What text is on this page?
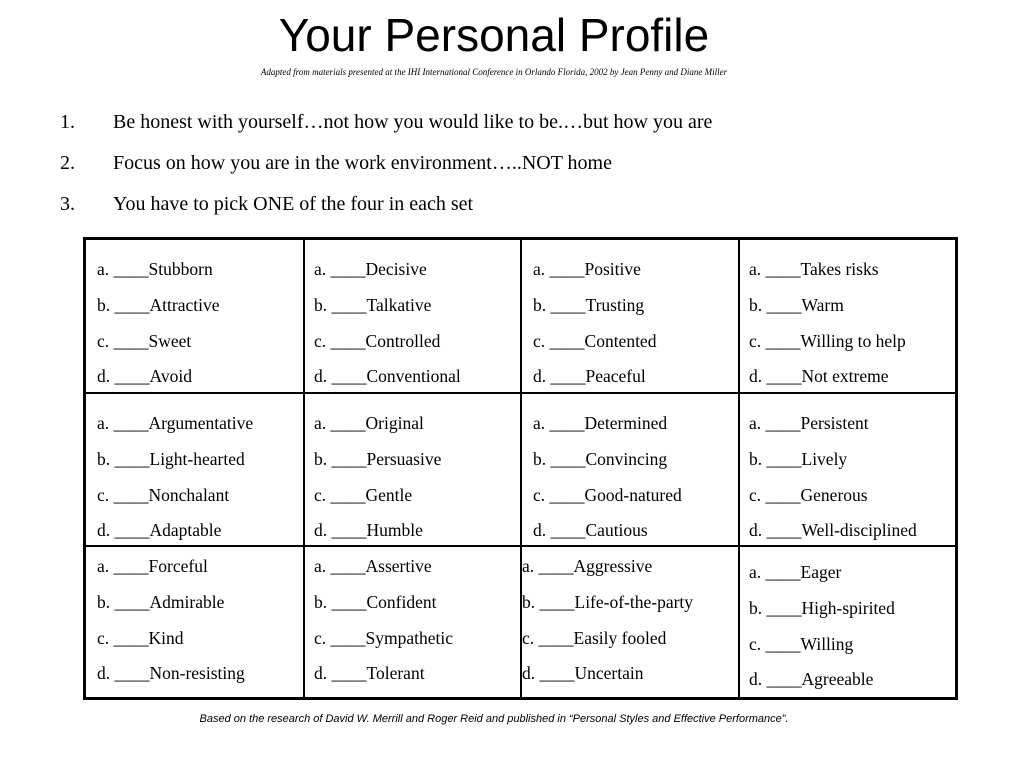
Your Personal Profile

Adapted from materials presented at the IHI International Conference in Orlando Florida, 2002 by Jean Penny and Diane Miller

1. Be honest with yourself…not how you would like to be.…but how you are
2. Focus on how you are in the work environment…..NOT home
3. You have to pick ONE of the four in each set
a. ____Stubborn
b. ____Attractive
c. ____Sweet
d. ____Avoid
a. ____Decisive
b. ____Talkative
c. ____Controlled
d. ____Conventional
a. ____Positive
b. ____Trusting
c. ____Contented
d. ____Peaceful
a. ____Takes risks
b. ____Warm
c. ____Willing to help
d. ____Not extreme
a. ____Argumentative
b. ____Light-hearted
c. ____Nonchalant
d. ____Adaptable
a. ____Original
b. ____Persuasive
c. ____Gentle
d. ____Humble
a. ____Determined
b. ____Convincing
c. ____Good-natured
d. ____Cautious
a. ____Persistent
b. ____Lively
c. ____Generous
d. ____Well-disciplined
a. ____Forceful
b. ____Admirable
c. ____Kind
d. ____Non-resisting
a. ____Assertive
b. ____Confident
c. ____Sympathetic
d. ____Tolerant
a. ____Aggressive
b. ____Life-of-the-party
c. ____Easily fooled
d. ____Uncertain
a. ____Eager
b. ____High-spirited
c. ____Willing
d. ____Agreeable

Based on the research of David W. Merrill and Roger Reid and published in “Personal Styles and Effective Performance”.
